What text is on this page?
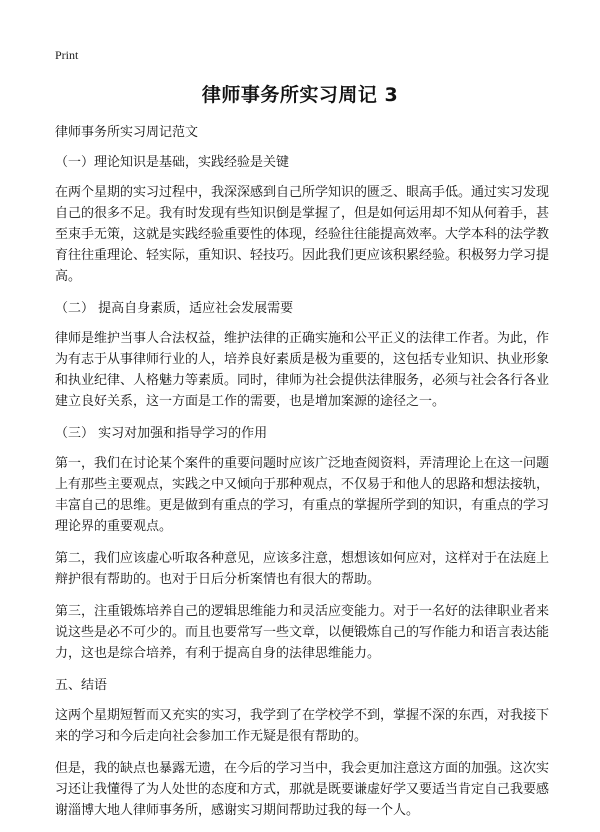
Print
律师事务所实习周记 3

律师事务所实习周记范文

（一）理论知识是基础，实践经验是关键

在两个星期的实习过程中，我深深感到自己所学知识的匮乏、眼高手低。通过实习发现自己的很多不足。我有时发现有些知识倒是掌握了，但是如何运用却不知从何着手，甚至束手无策，这就是实践经验重要性的体现，经验往往能提高效率。大学本科的法学教育往往重理论、轻实际，重知识、轻技巧。因此我们更应该积累经验。积极努力学习提高。

（二） 提高自身素质，适应社会发展需要

律师是维护当事人合法权益，维护法律的正确实施和公平正义的法律工作者。为此，作为有志于从事律师行业的人，培养良好素质是极为重要的，这包括专业知识、执业形象和执业纪律、人格魅力等素质。同时，律师为社会提供法律服务，必须与社会各行各业建立良好关系，这一方面是工作的需要，也是增加案源的途径之一。

（三） 实习对加强和指导学习的作用

第一，我们在讨论某个案件的重要问题时应该广泛地查阅资料，弄清理论上在这一问题上有那些主要观点，实践之中又倾向于那种观点，不仅易于和他人的思路和想法接轨，丰富自己的思维。更是做到有重点的学习，有重点的掌握所学到的知识，有重点的学习理论界的重要观点。

第二，我们应该虚心听取各种意见，应该多注意，想想该如何应对，这样对于在法庭上辩护很有帮助的。也对于日后分析案情也有很大的帮助。

第三，注重锻炼培养自己的逻辑思维能力和灵活应变能力。对于一名好的法律职业者来说这些是必不可少的。而且也要常写一些文章，以便锻炼自己的写作能力和语言表达能力，这也是综合培养，有利于提高自身的法律思维能力。

五、结语

这两个星期短暂而又充实的实习，我学到了在学校学不到，掌握不深的东西，对我接下来的学习和今后走向社会参加工作无疑是很有帮助的。

但是，我的缺点也暴露无遗，在今后的学习当中，我会更加注意这方面的加强。这次实习还让我懂得了为人处世的态度和方式，那就是既要谦虚好学又要适当肯定自己我要感谢淄博大地人律师事务所，感谢实习期间帮助过我的每一个人。
